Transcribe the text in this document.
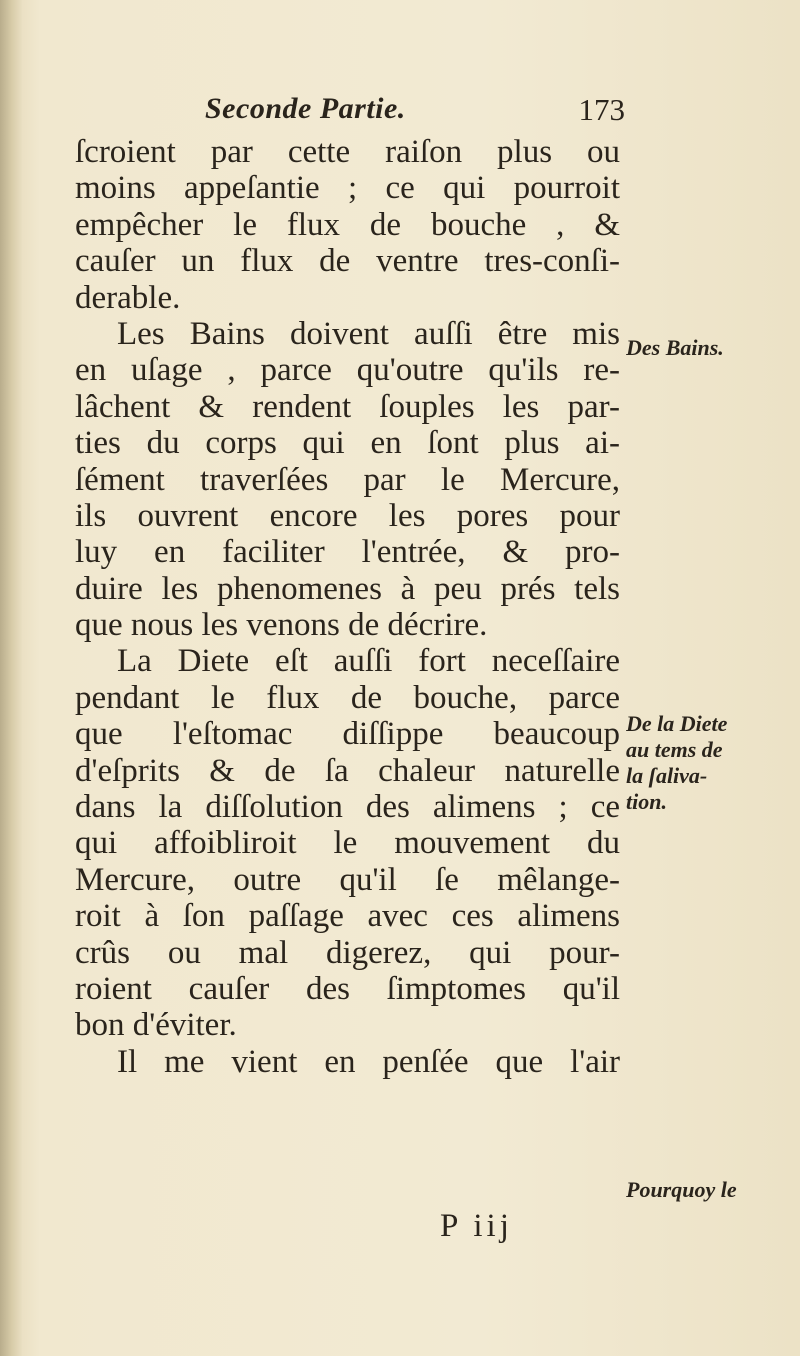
Seconde Partie.	173
ſcroient par cette raiſon plus ou
moins appeſantie ; ce qui pourroit
empêcher le flux de bouche , &
cauſer un flux de ventre tres-conſi-
derable.
Les Bains doivent auſſi être mis
en uſage , parce qu'outre qu'ils re-
lâchent & rendent ſouples les par-
ties du corps qui en ſont plus ai-
ſément traverſées par le Mercure,
ils ouvrent encore les pores pour
luy en faciliter l'entrée, & pro-
duire les phenomenes à peu prés tels
que nous les venons de décrire.
La Diete eſt auſſi fort neceſſaire
pendant le flux de bouche, parce
que l'eſtomac diſſippe beaucoup
d'eſprits & de ſa chaleur naturelle
dans la diſſolution des alimens ; ce
qui affoibliroit le mouvement du
Mercure, outre qu'il ſe mêlange-
roit à ſon paſſage avec ces alimens
crûs ou mal digerez, qui pour-
roient cauſer des ſimptomes qu'il
bon d'éviter.
Il me vient en penſée que l'air
Des Bains.
De la Diete
au tems de
la ſaliva-
tion.
Pourquoy le
P iij
